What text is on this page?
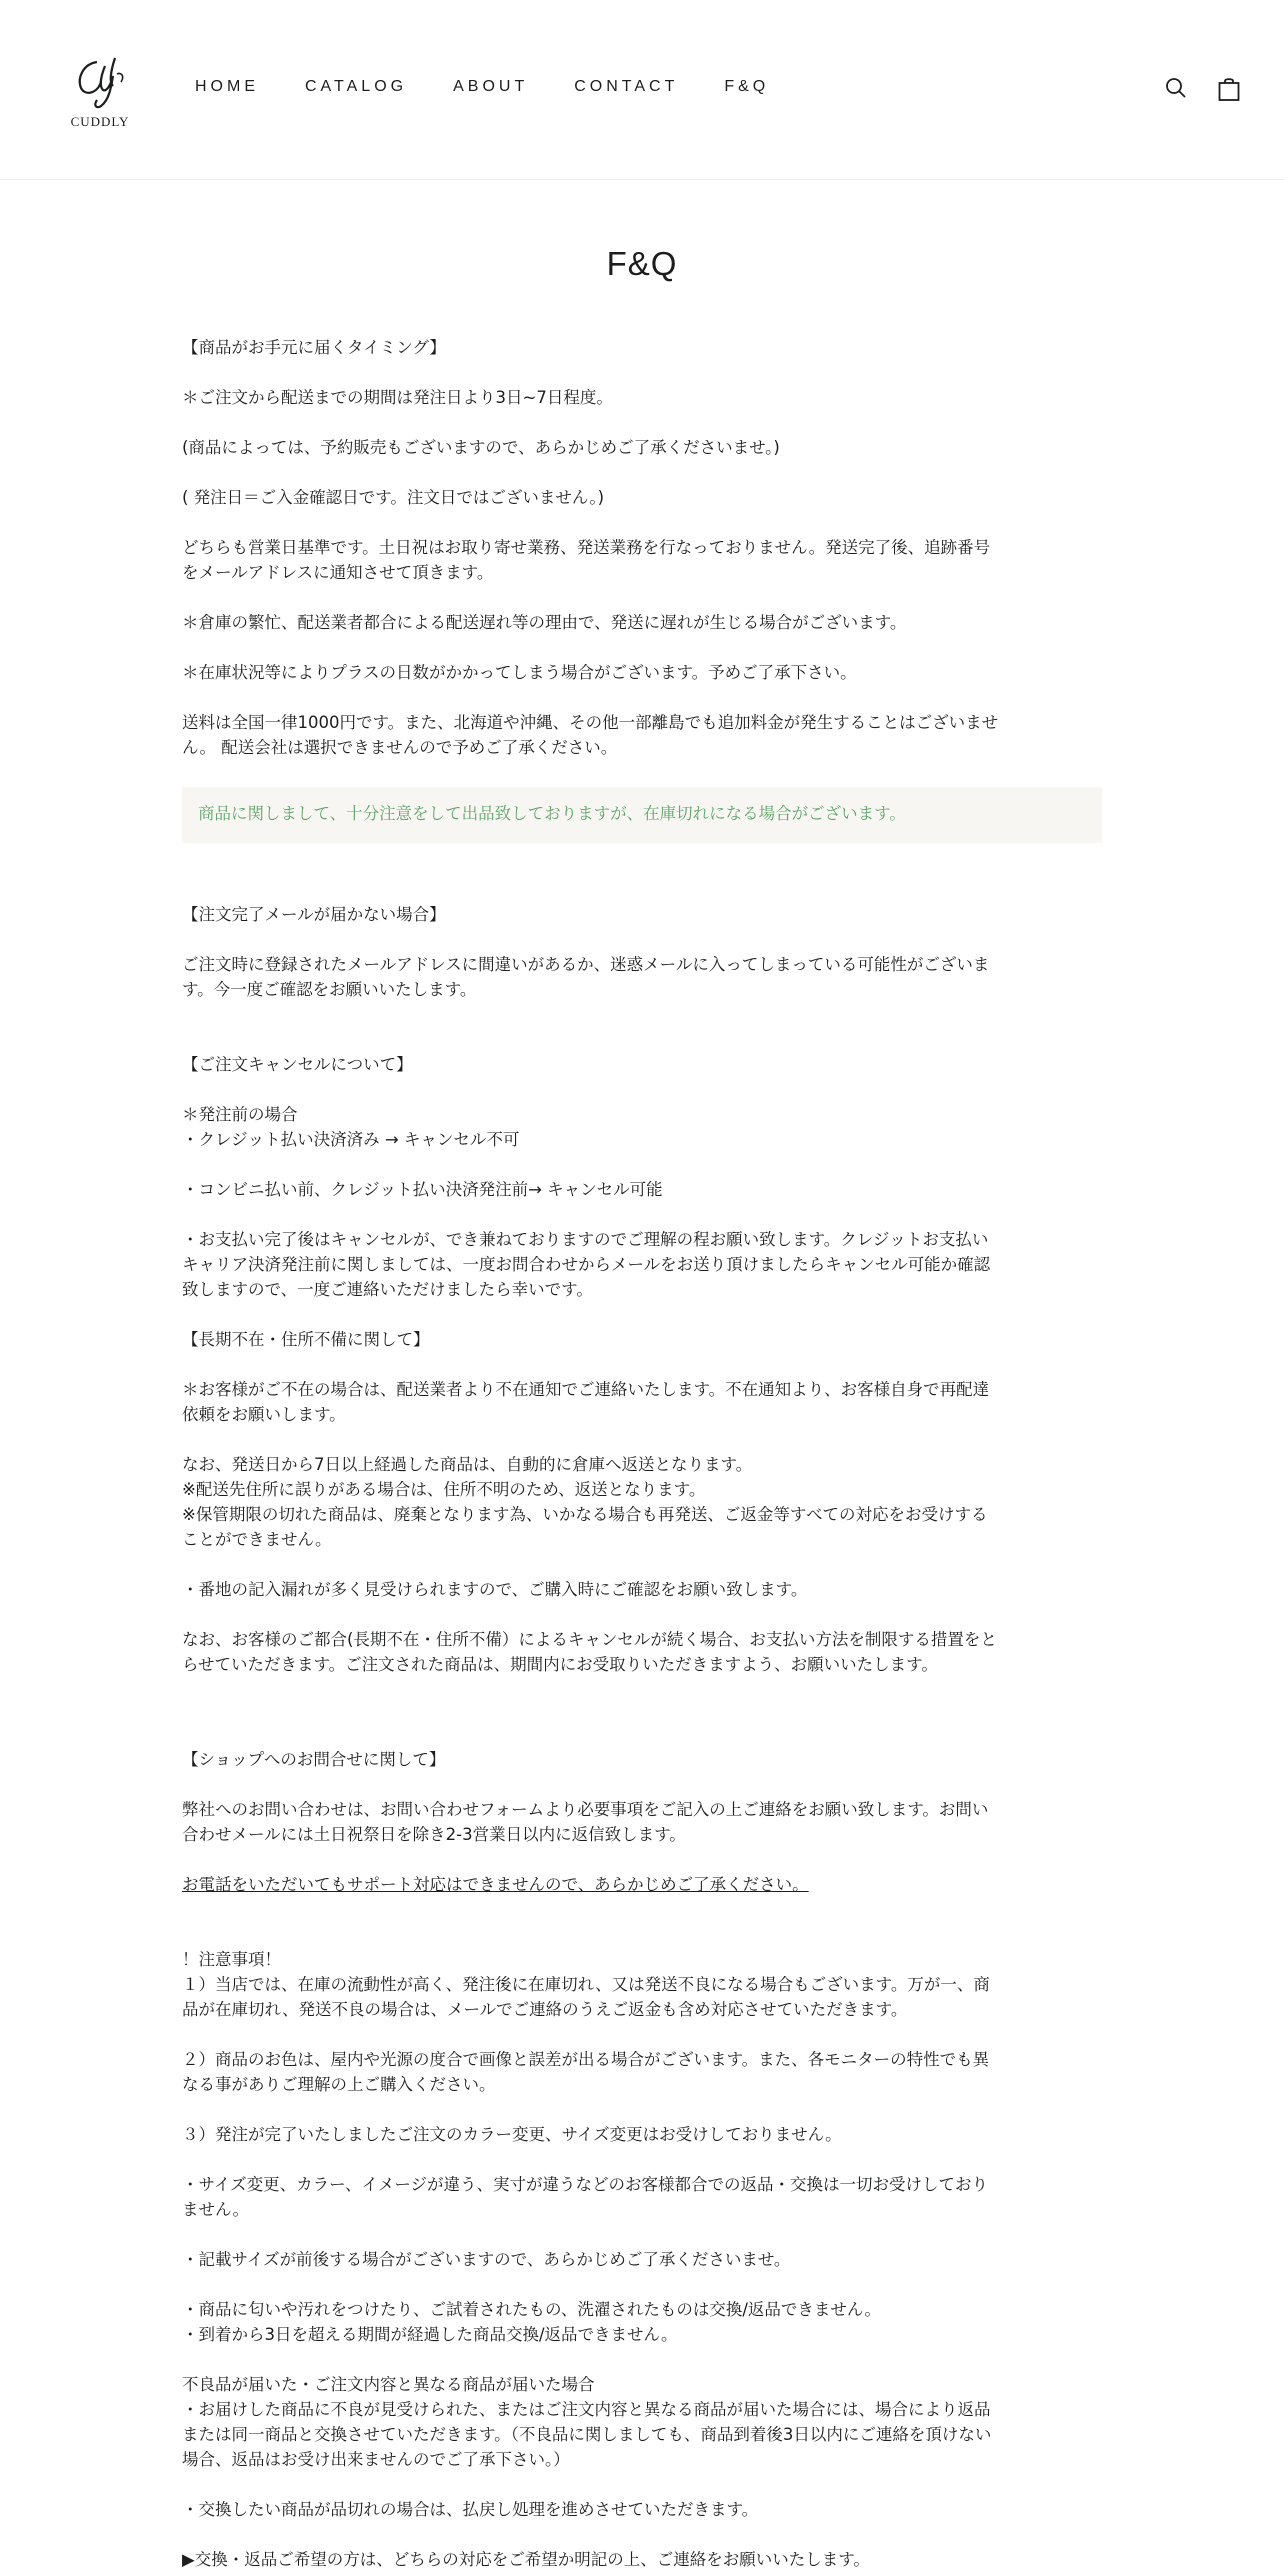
CUDDLY
HOME	CATALOG	ABOUT	CONTACT	F&Q
F&Q
【商品がお手元に届くタイミング】
＊ご注文から配送までの期間は発注日より3日~7日程度。
(商品によっては、予約販売もございますので、あらかじめご了承くださいませ。)
( 発注日＝ご入金確認日です。注文日ではございません。)
どちらも営業日基準です。土日祝はお取り寄せ業務、発送業務を行なっておりません。発送完了後、追跡番号
をメールアドレスに通知させて頂きます。
＊倉庫の繁忙、配送業者都合による配送遅れ等の理由で、発送に遅れが生じる場合がございます。
＊在庫状況等によりプラスの日数がかかってしまう場合がございます。予めご了承下さい。
送料は全国一律1000円です。また、北海道や沖縄、その他一部離島でも追加料金が発生することはございませ
ん。 配送会社は選択できませんので予めご了承ください。
商品に関しまして、十分注意をして出品致しておりますが、在庫切れになる場合がございます。
【注文完了メールが届かない場合】
ご注文時に登録されたメールアドレスに間違いがあるか、迷惑メールに入ってしまっている可能性がございま
す。今一度ご確認をお願いいたします。
【ご注文キャンセルについて】
＊発注前の場合
・クレジット払い決済済み → キャンセル不可
・コンビニ払い前、クレジット払い決済発注前→ キャンセル可能
・お支払い完了後はキャンセルが、でき兼ねておりますのでご理解の程お願い致します。クレジットお支払い
キャリア決済発注前に関しましては、一度お問合わせからメールをお送り頂けましたらキャンセル可能か確認
致しますので、一度ご連絡いただけましたら幸いです。
【長期不在・住所不備に関して】
＊お客様がご不在の場合は、配送業者より不在通知でご連絡いたします。不在通知より、お客様自身で再配達
依頼をお願いします。
なお、発送日から7日以上経過した商品は、自動的に倉庫へ返送となります。
※配送先住所に誤りがある場合は、住所不明のため、返送となります。
※保管期限の切れた商品は、廃棄となります為、いかなる場合も再発送、ご返金等すべての対応をお受けする
ことができません。
・番地の記入漏れが多く見受けられますので、ご購入時にご確認をお願い致します。
なお、お客様のご都合(長期不在・住所不備）によるキャンセルが続く場合、お支払い方法を制限する措置をと
らせていただきます。ご注文された商品は、期間内にお受取りいただきますよう、お願いいたします。
【ショップへのお問合せに関して】
弊社へのお問い合わせは、お問い合わせフォームより必要事項をご記入の上ご連絡をお願い致します。お問い
合わせメールには土日祝祭日を除き2-3営業日以内に返信致します。
お電話をいただいてもサポート対応はできませんので、あらかじめご了承ください。
！注意事項！
１）当店では、在庫の流動性が高く、発注後に在庫切れ、又は発送不良になる場合もございます。万が一、商
品が在庫切れ、発送不良の場合は、メールでご連絡のうえご返金も含め対応させていただきます。
２）商品のお色は、屋内や光源の度合で画像と誤差が出る場合がございます。また、各モニターの特性でも異
なる事がありご理解の上ご購入ください。
３）発注が完了いたしましたご注文のカラー変更、サイズ変更はお受けしておりません。
・サイズ変更、カラー、イメージが違う、実寸が違うなどのお客様都合での返品・交換は一切お受けしており
ません。
・記載サイズが前後する場合がございますので、あらかじめご了承くださいませ。
・商品に匂いや汚れをつけたり、ご試着されたもの、洗濯されたものは交換/返品できません。
・到着から3日を超える期間が経過した商品交換/返品できません。
不良品が届いた・ご注文内容と異なる商品が届いた場合
・お届けした商品に不良が見受けられた、またはご注文内容と異なる商品が届いた場合には、場合により返品
または同一商品と交換させていただきます。（不良品に関しましても、商品到着後3日以内にご連絡を頂けない
場合、返品はお受け出来ませんのでご了承下さい。）
・交換したい商品が品切れの場合は、払戻し処理を進めさせていただきます。
▶交換・返品ご希望の方は、どちらの対応をご希望か明記の上、ご連絡をお願いいたします。
